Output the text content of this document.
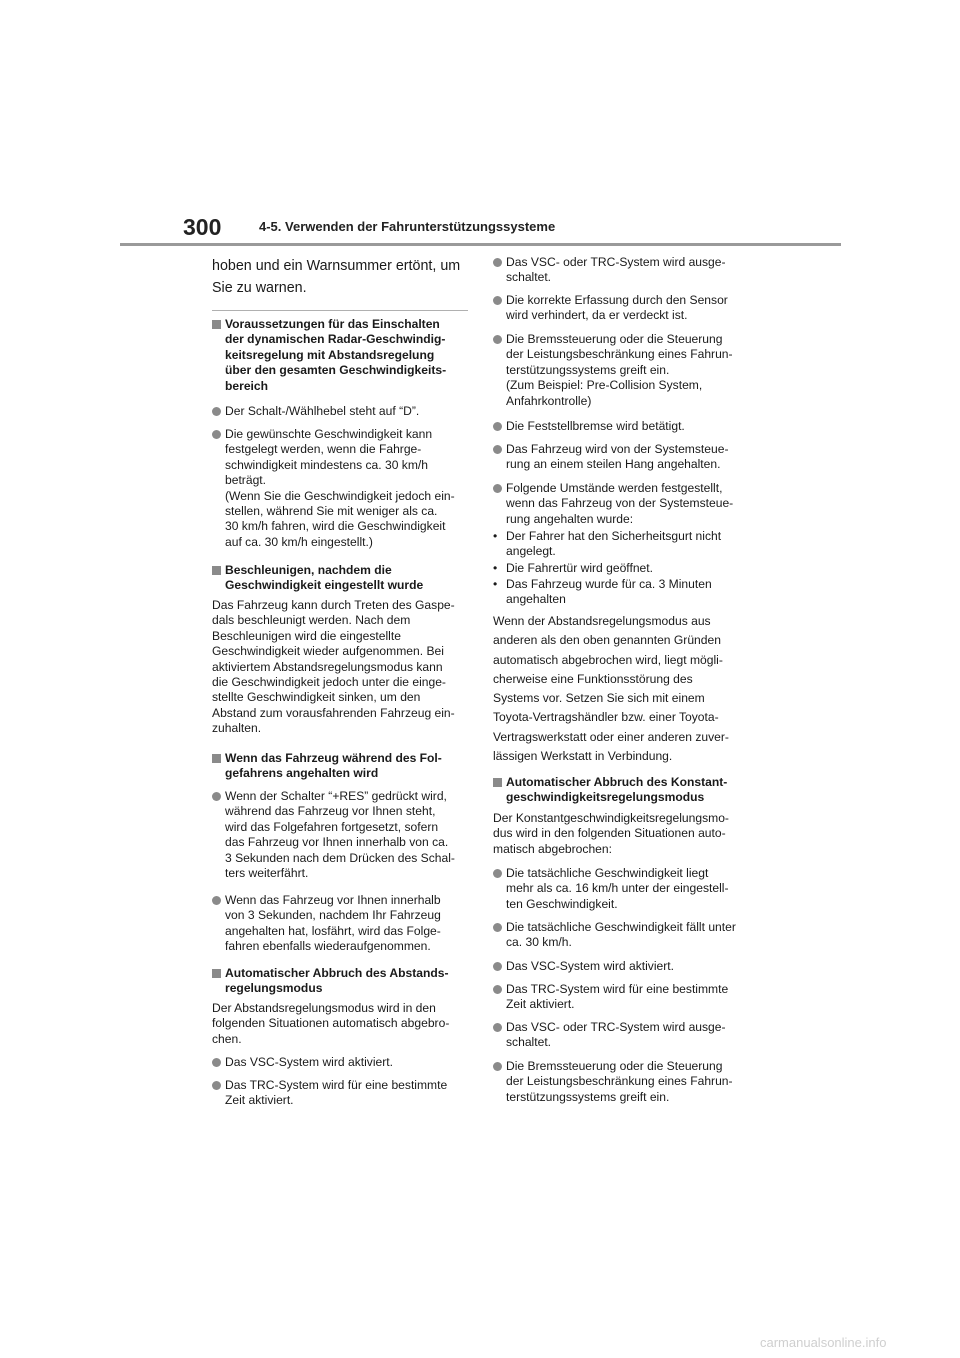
300	4-5. Verwenden der Fahrunterstützungssysteme
hoben und ein Warnsummer ertönt, um
Sie zu warnen.
Voraussetzungen für das Einschalten
der dynamischen Radar-Geschwindig-
keitsregelung mit Abstandsregelung
über den gesamten Geschwindigkeits-
bereich
Der Schalt-/Wählhebel steht auf “D”.
Die gewünschte Geschwindigkeit kann
festgelegt werden, wenn die Fahrge-
schwindigkeit mindestens ca. 30 km/h
beträgt.
(Wenn Sie die Geschwindigkeit jedoch ein-
stellen, während Sie mit weniger als ca.
30 km/h fahren, wird die Geschwindigkeit
auf ca. 30 km/h eingestellt.)
Beschleunigen, nachdem die
Geschwindigkeit eingestellt wurde
Das Fahrzeug kann durch Treten des Gaspe-
dals beschleunigt werden. Nach dem
Beschleunigen wird die eingestellte
Geschwindigkeit wieder aufgenommen. Bei
aktiviertem Abstandsregelungsmodus kann
die Geschwindigkeit jedoch unter die einge-
stellte Geschwindigkeit sinken, um den
Abstand zum vorausfahrenden Fahrzeug ein-
zuhalten.
Wenn das Fahrzeug während des Fol-
gefahrens angehalten wird
Wenn der Schalter “+RES” gedrückt wird,
während das Fahrzeug vor Ihnen steht,
wird das Folgefahren fortgesetzt, sofern
das Fahrzeug vor Ihnen innerhalb von ca.
3 Sekunden nach dem Drücken des Schal-
ters weiterfährt.
Wenn das Fahrzeug vor Ihnen innerhalb
von 3 Sekunden, nachdem Ihr Fahrzeug
angehalten hat, losfährt, wird das Folge-
fahren ebenfalls wiederaufgenommen.
Automatischer Abbruch des Abstands-
regelungsmodus
Der Abstandsregelungsmodus wird in den
folgenden Situationen automatisch abgebro-
chen.
Das VSC-System wird aktiviert.
Das TRC-System wird für eine bestimmte
Zeit aktiviert.
Das VSC- oder TRC-System wird ausge-
schaltet.
Die korrekte Erfassung durch den Sensor
wird verhindert, da er verdeckt ist.
Die Bremssteuerung oder die Steuerung
der Leistungsbeschränkung eines Fahrun-
terstützungssystems greift ein.
(Zum Beispiel: Pre-Collision System,
Anfahrkontrolle)
Die Feststellbremse wird betätigt.
Das Fahrzeug wird von der Systemsteue-
rung an einem steilen Hang angehalten.
Folgende Umstände werden festgestellt,
wenn das Fahrzeug von der Systemsteue-
rung angehalten wurde:
• Der Fahrer hat den Sicherheitsgurt nicht
angelegt.
• Die Fahrertür wird geöffnet.
• Das Fahrzeug wurde für ca. 3 Minuten
angehalten
Wenn der Abstandsregelungsmodus aus
anderen als den oben genannten Gründen
automatisch abgebrochen wird, liegt mögli-
cherweise eine Funktionsstörung des
Systems vor. Setzen Sie sich mit einem
Toyota-Vertragshändler bzw. einer Toyota-
Vertragswerkstatt oder einer anderen zuver-
lässigen Werkstatt in Verbindung.
Automatischer Abbruch des Konstant-
geschwindigkeitsregelungsmodus
Der Konstantgeschwindigkeitsregelungsmo-
dus wird in den folgenden Situationen auto-
matisch abgebrochen:
Die tatsächliche Geschwindigkeit liegt
mehr als ca. 16 km/h unter der eingestell-
ten Geschwindigkeit.
Die tatsächliche Geschwindigkeit fällt unter
ca. 30 km/h.
Das VSC-System wird aktiviert.
Das TRC-System wird für eine bestimmte
Zeit aktiviert.
Das VSC- oder TRC-System wird ausge-
schaltet.
Die Bremssteuerung oder die Steuerung
der Leistungsbeschränkung eines Fahrun-
terstützungssystems greift ein.
carmanualsonline.info
